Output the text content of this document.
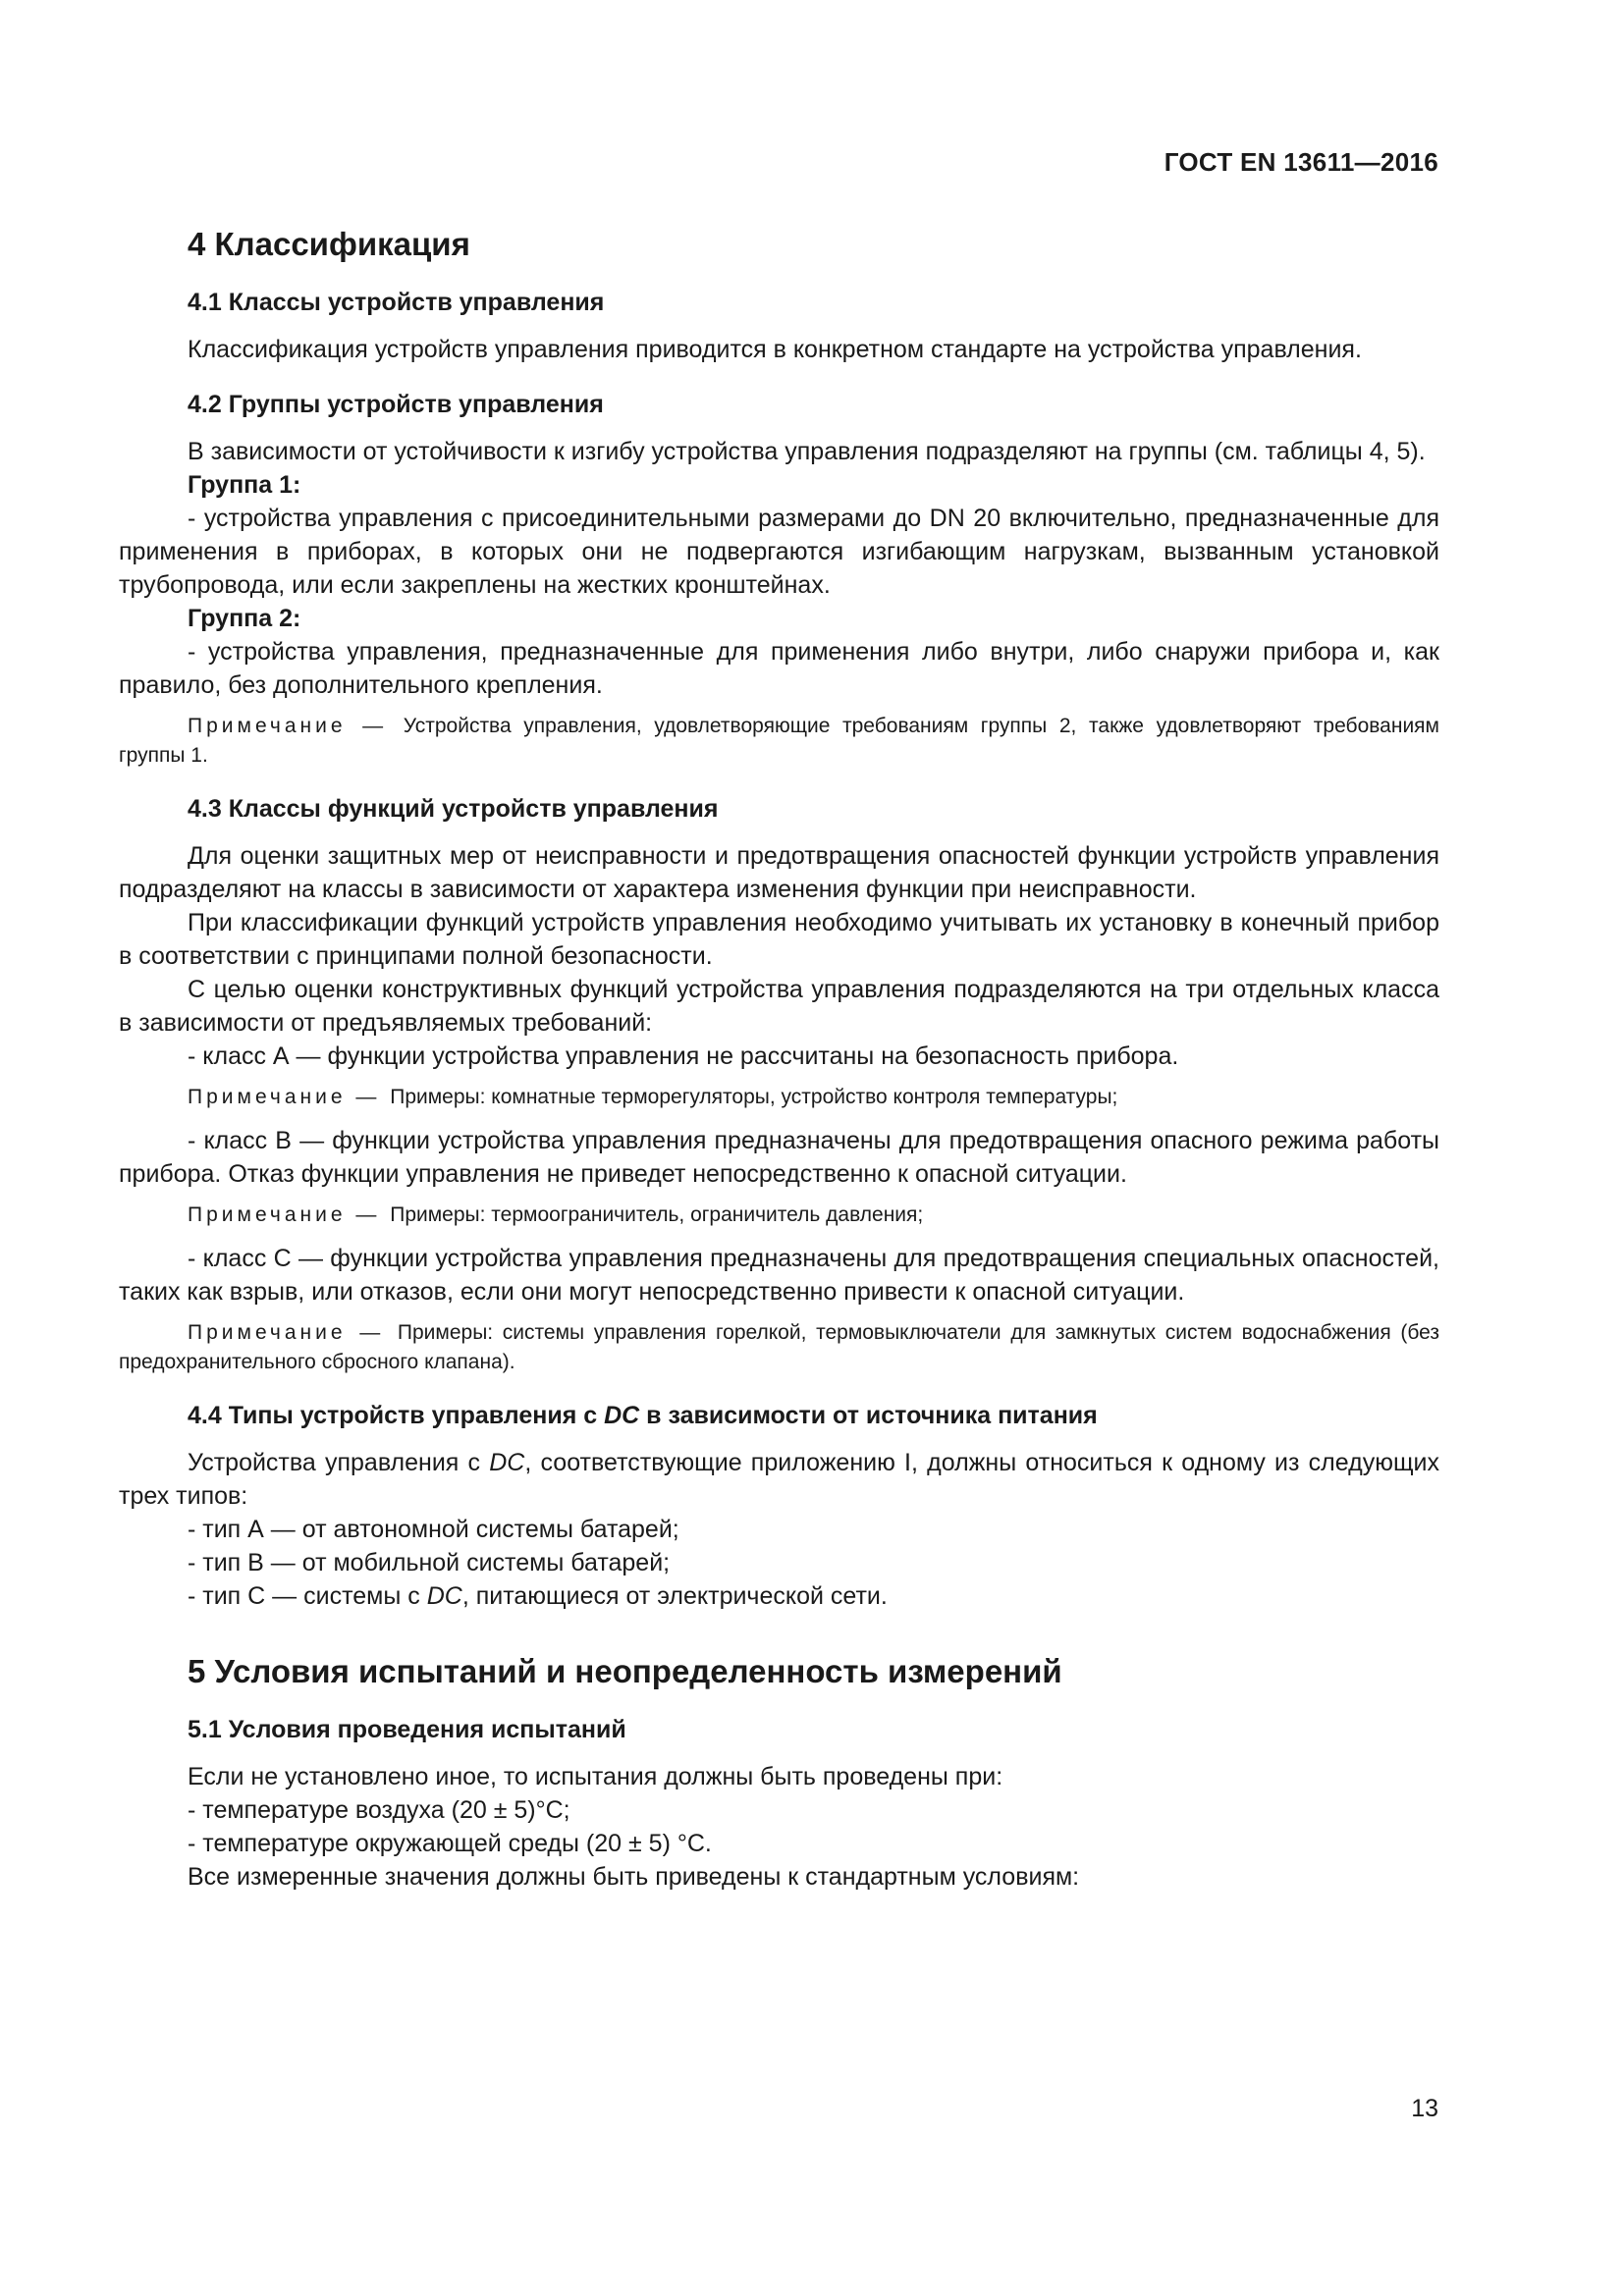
ГОСТ EN 13611—2016
4 Классификация
4.1 Классы устройств управления

Классификация устройств управления приводится в конкретном стандарте на устройства управления.

4.2 Группы устройств управления

В зависимости от устойчивости к изгибу устройства управления подразделяют на группы (см. таблицы 4, 5).

Группа 1:

- устройства управления с присоединительными размерами до DN 20 включительно, предназначенные для применения в приборах, в которых они не подвергаются изгибающим нагрузкам, вызванным установкой трубопровода, или если закреплены на жестких кронштейнах.

Группа 2:

- устройства управления, предназначенные для применения либо внутри, либо снаружи прибора и, как правило, без дополнительного крепления.

Примечание — Устройства управления, удовлетворяющие требованиям группы 2, также удовлетворяют требованиям группы 1.

4.3 Классы функций устройств управления

Для оценки защитных мер от неисправности и предотвращения опасностей функции устройств управления подразделяют на классы в зависимости от характера изменения функции при неисправности.

При классификации функций устройств управления необходимо учитывать их установку в конечный прибор в соответствии с принципами полной безопасности.

С целью оценки конструктивных функций устройства управления подразделяются на три отдельных класса в зависимости от предъявляемых требований:

- класс А — функции устройства управления не рассчитаны на безопасность прибора.

Примечание — Примеры: комнатные терморегуляторы, устройство контроля температуры;

- класс В — функции устройства управления предназначены для предотвращения опасного режима работы прибора. Отказ функции управления не приведет непосредственно к опасной ситуации.

Примечание — Примеры: термоограничитель, ограничитель давления;

- класс С — функции устройства управления предназначены для предотвращения специальных опасностей, таких как взрыв, или отказов, если они могут непосредственно привести к опасной ситуации.

Примечание — Примеры: системы управления горелкой, термовыключатели для замкнутых систем водоснабжения (без предохранительного сбросного клапана).

4.4 Типы устройств управления с DC в зависимости от источника питания

Устройства управления с DC, соответствующие приложению I, должны относиться к одному из следующих трех типов:

- тип А — от автономной системы батарей;

- тип В — от мобильной системы батарей;

- тип С — системы с DC, питающиеся от электрической сети.

5 Условия испытаний и неопределенность измерений
5.1 Условия проведения испытаний

Если не установлено иное, то испытания должны быть проведены при:

- температуре воздуха (20 ± 5)°С;

- температуре окружающей среды (20 ± 5) °С.

Все измеренные значения должны быть приведены к стандартным условиям:

13
